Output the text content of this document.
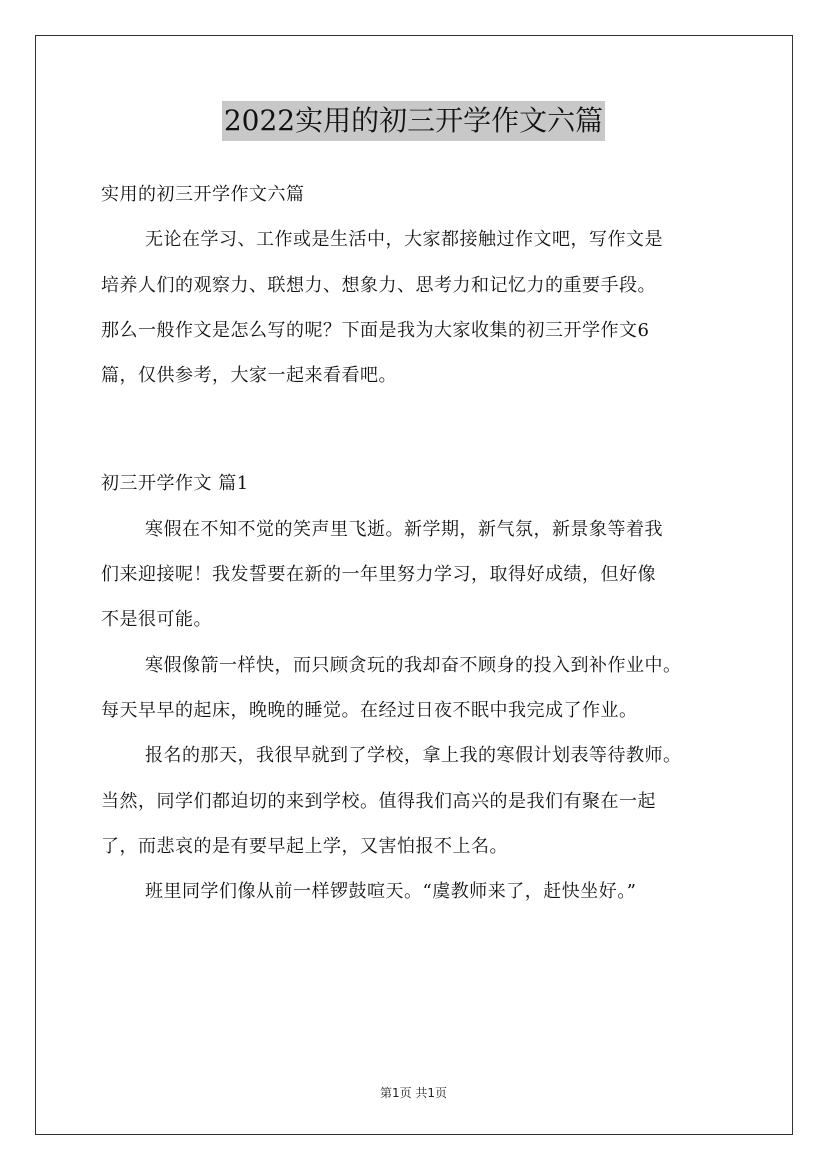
2022实用的初三开学作文六篇
实用的初三开学作文六篇
无论在学习、工作或是生活中，大家都接触过作文吧，写作文是
培养人们的观察力、联想力、想象力、思考力和记忆力的重要手段。
那么一般作文是怎么写的呢？下面是我为大家收集的初三开学作文6
篇，仅供参考，大家一起来看看吧。
初三开学作文 篇1
寒假在不知不觉的笑声里飞逝。新学期，新气氛，新景象等着我
们来迎接呢！我发誓要在新的一年里努力学习，取得好成绩，但好像
不是很可能。
寒假像箭一样快，而只顾贪玩的我却奋不顾身的投入到补作业中。
每天早早的起床，晚晚的睡觉。在经过日夜不眠中我完成了作业。
报名的那天，我很早就到了学校，拿上我的寒假计划表等待教师。
当然，同学们都迫切的来到学校。值得我们高兴的是我们有聚在一起
了，而悲哀的是有要早起上学，又害怕报不上名。
班里同学们像从前一样锣鼓喧天。“虞教师来了，赶快坐好。”
第1页 共1页
